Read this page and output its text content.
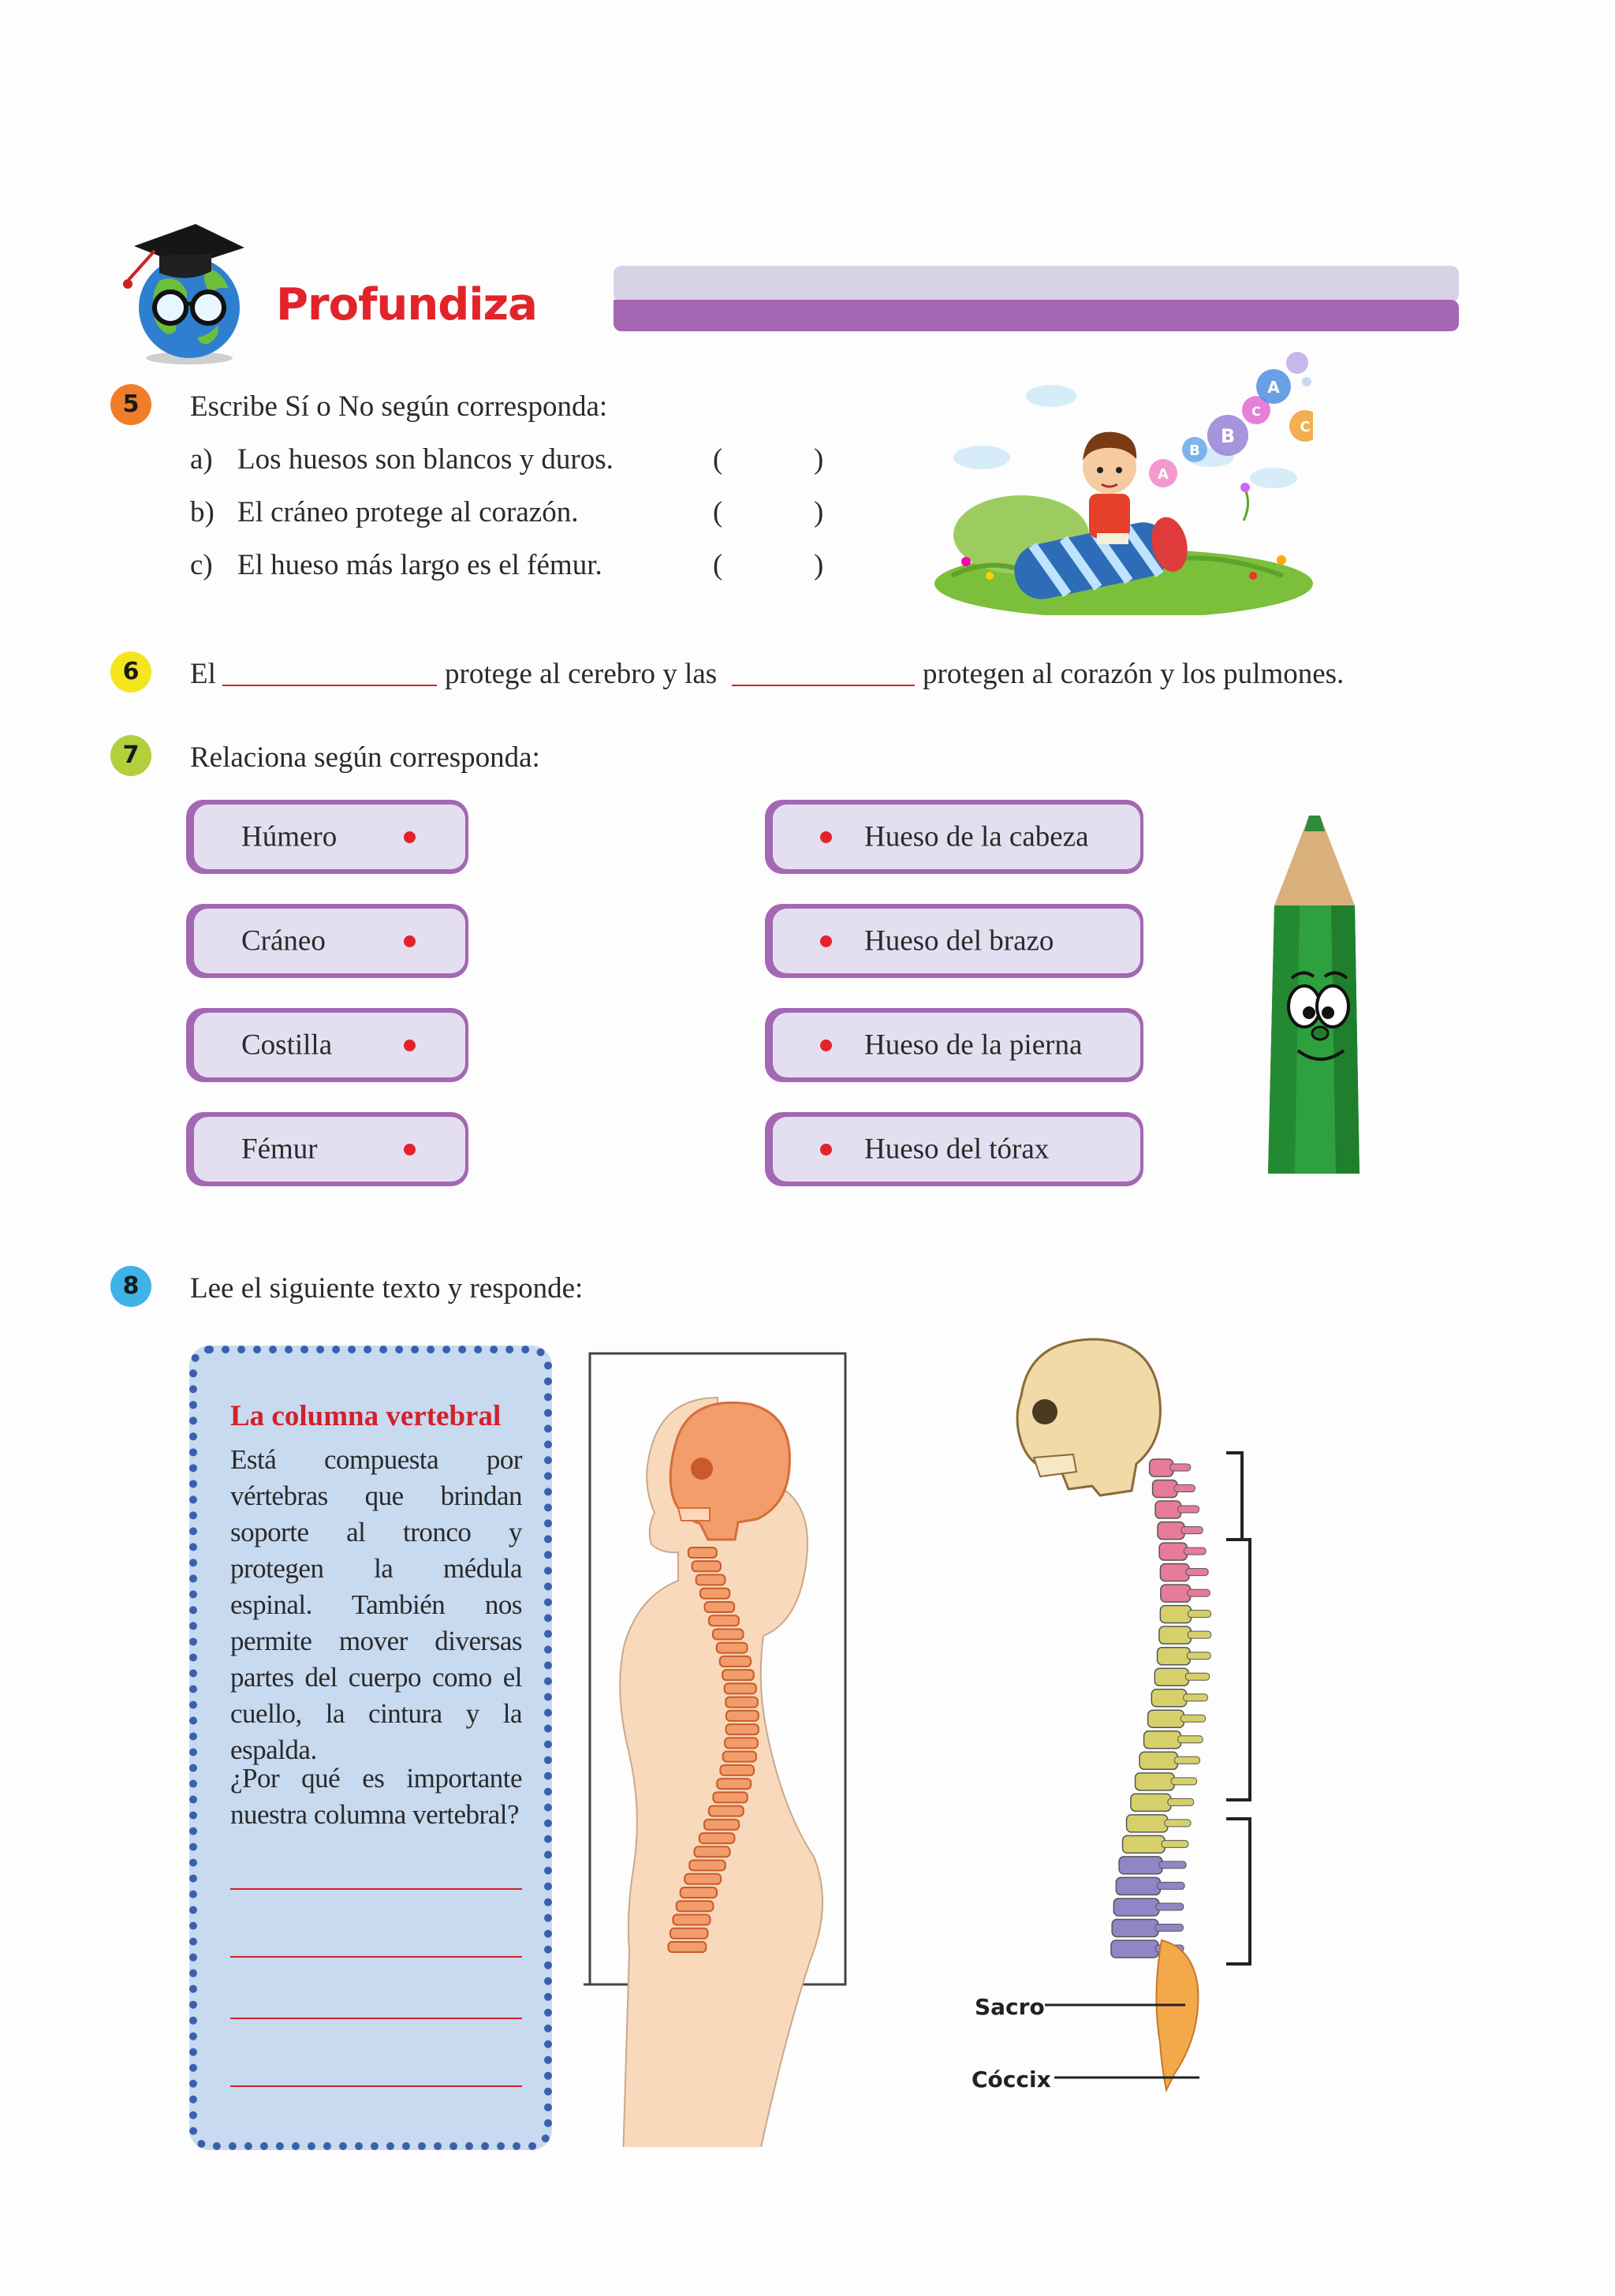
Profundiza
5	Escribe Sí o No según corresponda:
a) Los huesos son blancos y duros.	(	)
b) El cráneo protege al corazón.	(	)
c) El hueso más largo es el fémur.	(	)
A
B
B
A
C
C
6	El	protege al cerebro y las	protegen al corazón y los pulmones.
7	Relaciona según corresponda:
Húmero
Cráneo
Costilla
Fémur
Hueso de la cabeza
Hueso del brazo
Hueso de la pierna
Hueso del tórax
8	Lee el siguiente texto y responde:
La columna vertebral
Está compuesta por vértebras que brindan soporte al tronco y protegen la médula espinal. También nos permite mover diversas partes del cuerpo como el cuello, la cintura y la espalda.
¿Por qué es importante nuestra columna vertebral?
Sacro
Cóccix
